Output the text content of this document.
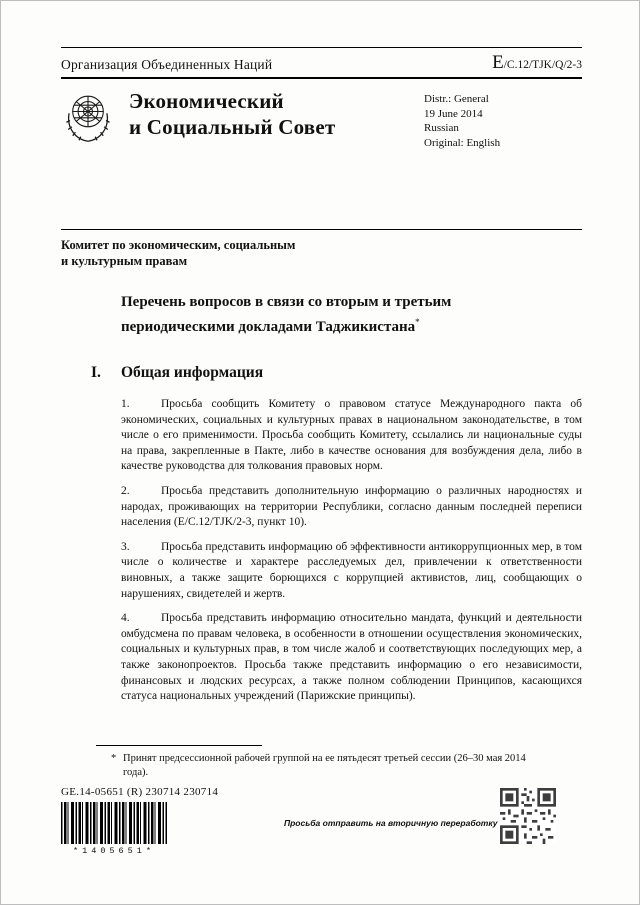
Организация Объединенных Наций	E/C.12/TJK/Q/2-3
Экономический
и Социальный Совет
Distr.: General
19 June 2014
Russian
Original: English
Комитет по экономическим, социальным
и культурным правам
Перечень вопросов в связи со вторым и третьим периодическими докладами Таджикистана*
I.	Общая информация

1.	Просьба сообщить Комитету о правовом статусе Международного пакта об экономических, социальных и культурных правах в национальном законодательстве, в том числе о его применимости. Просьба сообщить Комитету, ссылались ли национальные суды на права, закрепленные в Пакте, либо в качестве основания для возбуждения дела, либо в качестве руководства для толкования правовых норм.

2.	Просьба представить дополнительную информацию о различных народностях и народах, проживающих на территории Республики, согласно данным последней переписи населения (E/C.12/TJK/2-3, пункт 10).

3.	Просьба представить информацию об эффективности антикоррупционных мер, в том числе о количестве и характере расследуемых дел, привлечении к ответственности виновных, а также защите борющихся с коррупцией активистов, лиц, сообщающих о нарушениях, свидетелей и жертв.

4.	Просьба представить информацию относительно мандата, функций и деятельности омбудсмена по правам человека, в особенности в отношении осуществления экономических, социальных и культурных прав, в том числе жалоб и соответствующих последующих мер, а также законопроектов. Просьба также представить информацию о его независимости, финансовых и людских ресурсах, а также полном соблюдении Принципов, касающихся статуса национальных учреждений (Парижские принципы).

* Принят предсессионной рабочей группой на ее пятьдесят третьей сессии (26–30 мая 2014 года).
GE.14-05651 (R) 230714 230714
*1405651*
Просьба отправить на вторичную переработку
